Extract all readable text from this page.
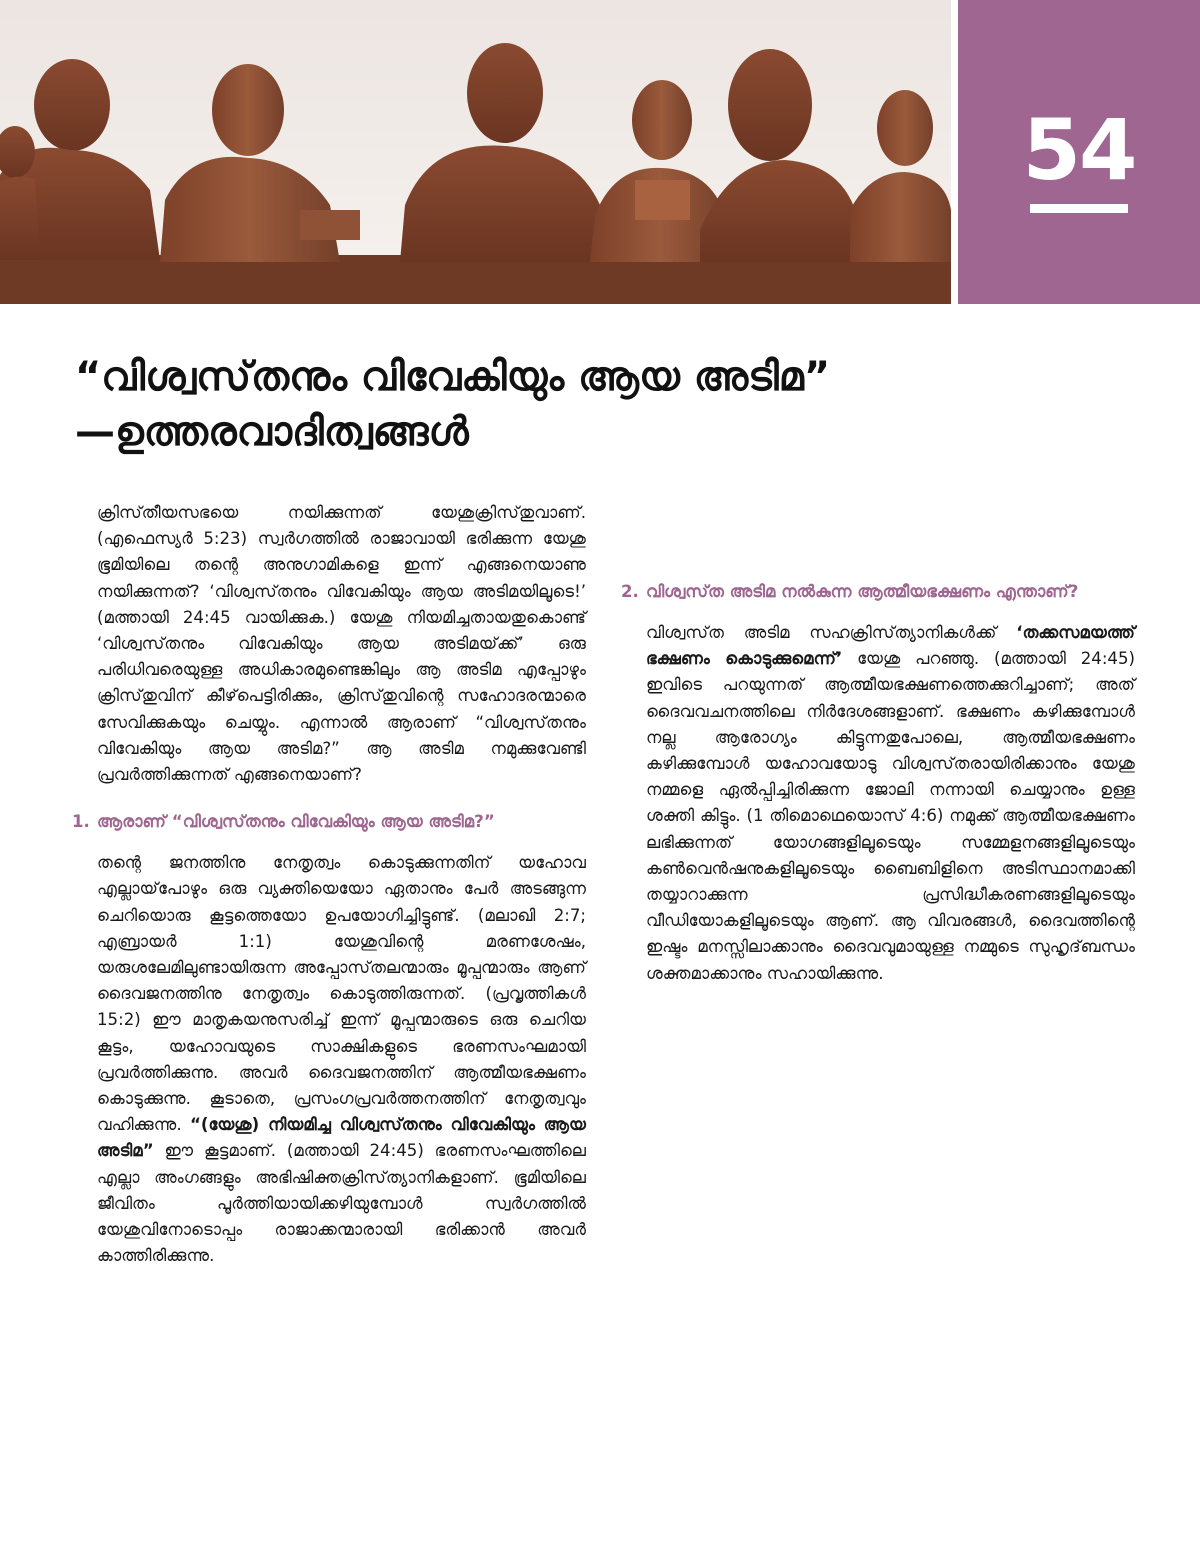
54
“വിശ്വസ്‌തനും വിവേകിയും ആയ അടിമ”
—ഉത്തരവാദിത്വങ്ങൾ

ക്രിസ്‌തീയസഭയെ നയിക്കുന്നത്‌ യേശുക്രിസ്‌തുവാണ്‌. (എഫെസ്യർ 5:23) സ്വർഗത്തിൽ രാജാവായി ഭരിക്കുന്ന യേശു ഭൂമിയിലെ തന്റെ അനുഗാമികളെ ഇന്ന്‌ എങ്ങനെയാണു നയിക്കുന്നത്‌? ‘വിശ്വസ്‌തനും വിവേകിയും ആയ അടിമയിലൂടെ!’ (മത്തായി 24:45 വായിക്കുക.) യേശു നിയമിച്ചതായതുകൊണ്ട്‌ ‘വിശ്വസ്‌തനും വിവേകിയും ആയ അടിമയ്‌ക്ക്‌’ ഒരു പരിധിവരെയുള്ള അധികാരമുണ്ടെങ്കിലും ആ അടിമ എപ്പോഴും ക്രിസ്‌തുവിന്‌ കീഴ്‌പെട്ടിരിക്കും, ക്രിസ്‌തുവിന്റെ സഹോദരന്മാരെ സേവിക്കുകയും ചെയ്യും. എന്നാൽ ആരാണ്‌ “വിശ്വസ്‌തനും വിവേകിയും ആയ അടിമ?” ആ അടിമ നമുക്കുവേണ്ടി പ്രവർത്തിക്കുന്നത്‌ എങ്ങനെയാണ്‌?

1. ആരാണ്‌ “വിശ്വസ്‌തനും വിവേകിയും ആയ അടിമ?”

തന്റെ ജനത്തിനു നേതൃത്വം കൊടുക്കുന്നതിന്‌ യഹോവ എല്ലായ്‌പോഴും ഒരു വ്യക്തിയെയോ ഏതാനും പേർ അടങ്ങുന്ന ചെറിയൊരു കൂട്ടത്തെയോ ഉപയോഗിച്ചിട്ടുണ്ട്‌. (മലാഖി 2:7; എബ്രായർ 1:1) യേശുവിന്റെ മരണശേഷം, യരുശലേമിലുണ്ടായിരുന്ന അപ്പോസ്‌തലന്മാരും മൂപ്പന്മാരും ആണ്‌ ദൈവജനത്തിനു നേതൃത്വം കൊടുത്തിരുന്നത്‌. (പ്രവൃത്തികൾ 15:2) ഈ മാതൃകയനുസരിച്ച്‌ ഇന്ന്‌ മൂപ്പന്മാരുടെ ഒരു ചെറിയ കൂട്ടം, യഹോവയുടെ സാക്ഷികളുടെ ഭരണസംഘമായി പ്രവർത്തിക്കുന്നു. അവർ ദൈവജനത്തിന്‌ ആത്മീയഭക്ഷണം കൊടുക്കുന്നു. കൂടാതെ, പ്രസംഗപ്രവർത്തനത്തിന്‌ നേതൃത്വവും വഹിക്കുന്നു. “(യേശു) നിയമിച്ച വിശ്വസ്‌തനും വിവേകിയും ആയ അടിമ” ഈ കൂട്ടമാണ്‌. (മത്തായി 24:45) ഭരണസംഘത്തിലെ എല്ലാ അംഗങ്ങളും അഭിഷിക്തക്രിസ്‌ത്യാനികളാണ്‌. ഭൂമിയിലെ ജീവിതം പൂർത്തിയായിക്കഴിയുമ്പോൾ സ്വർഗത്തിൽ യേശുവിനോടൊപ്പം രാജാക്കന്മാരായി ഭരിക്കാൻ അവർ കാത്തിരിക്കുന്നു.

2. വിശ്വസ്‌ത അടിമ നൽകുന്ന ആത്മീയഭക്ഷണം എന്താണ്‌?

വിശ്വസ്‌ത അടിമ സഹക്രിസ്‌ത്യാനികൾക്ക്‌ ‘തക്കസമയത്ത്‌ ഭക്ഷണം കൊടുക്കുമെന്ന്‌’ യേശു പറഞ്ഞു. (മത്തായി 24:45) ഇവിടെ പറയുന്നത്‌ ആത്മീയഭക്ഷണത്തെക്കുറിച്ചാണ്‌; അത്‌ ദൈവവചനത്തിലെ നിർദേശങ്ങളാണ്‌. ഭക്ഷണം കഴിക്കുമ്പോൾ നല്ല ആരോഗ്യം കിട്ടുന്നതുപോലെ, ആത്മീയഭക്ഷണം കഴിക്കുമ്പോൾ യഹോവയോടു വിശ്വസ്‌തരായിരിക്കാനും യേശു നമ്മളെ ഏൽപ്പിച്ചിരിക്കുന്ന ജോലി നന്നായി ചെയ്യാനും ഉള്ള ശക്തി കിട്ടും. (1 തിമൊഥെയൊസ്‌ 4:6) നമുക്ക്‌ ആത്മീയഭക്ഷണം ലഭിക്കുന്നത്‌ യോഗങ്ങളിലൂടെയും സമ്മേളനങ്ങളിലൂടെയും കൺവെൻഷനുകളിലൂടെയും ബൈബിളിനെ അടിസ്ഥാനമാക്കി തയ്യാറാക്കുന്ന പ്രസിദ്ധീകരണങ്ങളിലൂടെയും വീഡിയോകളിലൂടെയും ആണ്‌. ആ വിവരങ്ങൾ, ദൈവത്തിന്റെ ഇഷ്ടം മനസ്സിലാക്കാനും ദൈവവുമായുള്ള നമ്മുടെ സുഹൃദ്‌ബന്ധം ശക്തമാക്കാനും സഹായിക്കുന്നു.
